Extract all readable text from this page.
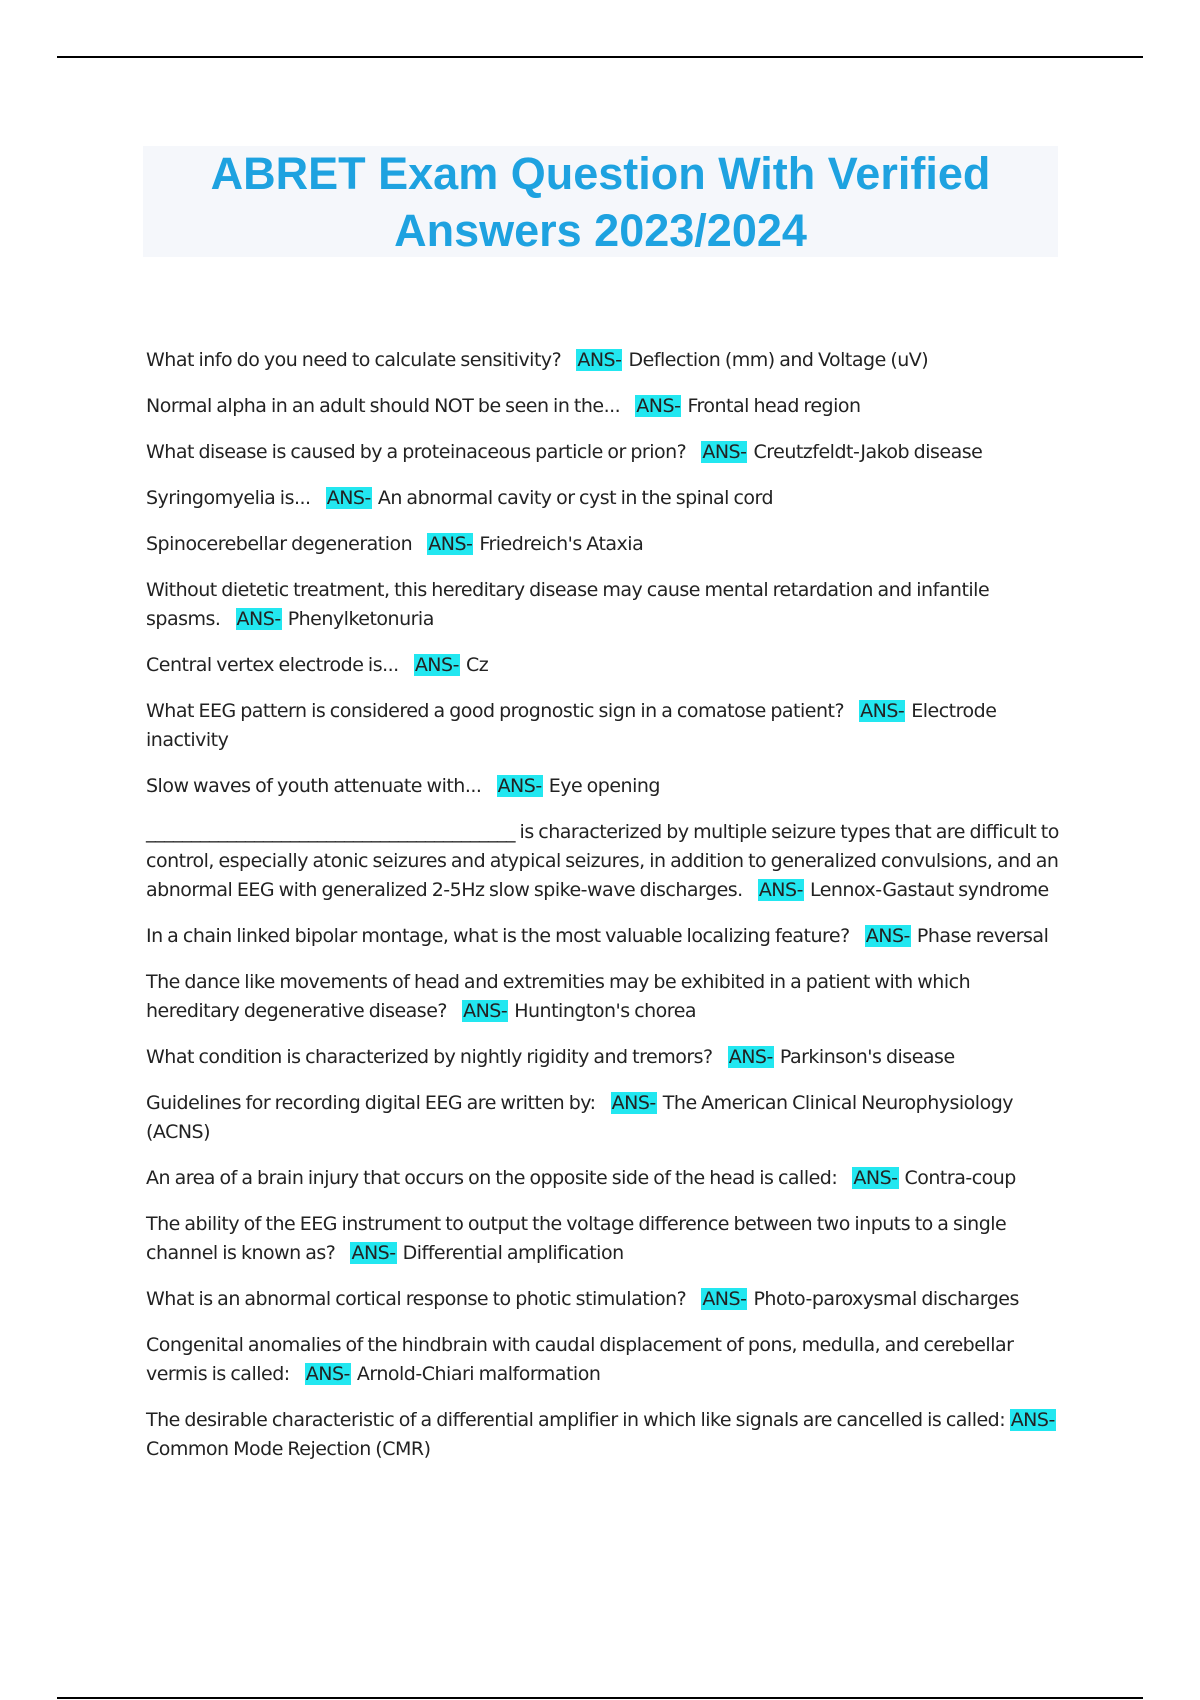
ABRET Exam Question With Verified Answers 2023/2024

What info do you need to calculate sensitivity? ANS- Deflection (mm) and Voltage (uV)

Normal alpha in an adult should NOT be seen in the... ANS- Frontal head region

What disease is caused by a proteinaceous particle or prion? ANS- Creutzfeldt-Jakob disease

Syringomyelia is... ANS- An abnormal cavity or cyst in the spinal cord

Spinocerebellar degeneration ANS- Friedreich's Ataxia

Without dietetic treatment, this hereditary disease may cause mental retardation and infantile spasms. ANS- Phenylketonuria

Central vertex electrode is... ANS- Cz

What EEG pattern is considered a good prognostic sign in a comatose patient? ANS- Electrode inactivity

Slow waves of youth attenuate with... ANS- Eye opening

_________________________________________ is characterized by multiple seizure types that are difficult to control, especially atonic seizures and atypical seizures, in addition to generalized convulsions, and an abnormal EEG with generalized 2-5Hz slow spike-wave discharges. ANS- Lennox-Gastaut syndrome

In a chain linked bipolar montage, what is the most valuable localizing feature? ANS- Phase reversal

The dance like movements of head and extremities may be exhibited in a patient with which hereditary degenerative disease? ANS- Huntington's chorea

What condition is characterized by nightly rigidity and tremors? ANS- Parkinson's disease

Guidelines for recording digital EEG are written by: ANS- The American Clinical Neurophysiology (ACNS)

An area of a brain injury that occurs on the opposite side of the head is called: ANS- Contra-coup

The ability of the EEG instrument to output the voltage difference between two inputs to a single channel is known as? ANS- Differential amplification

What is an abnormal cortical response to photic stimulation? ANS- Photo-paroxysmal discharges

Congenital anomalies of the hindbrain with caudal displacement of pons, medulla, and cerebellar vermis is called: ANS- Arnold-Chiari malformation

The desirable characteristic of a differential amplifier in which like signals are cancelled is called: ANS-Common Mode Rejection (CMR)
